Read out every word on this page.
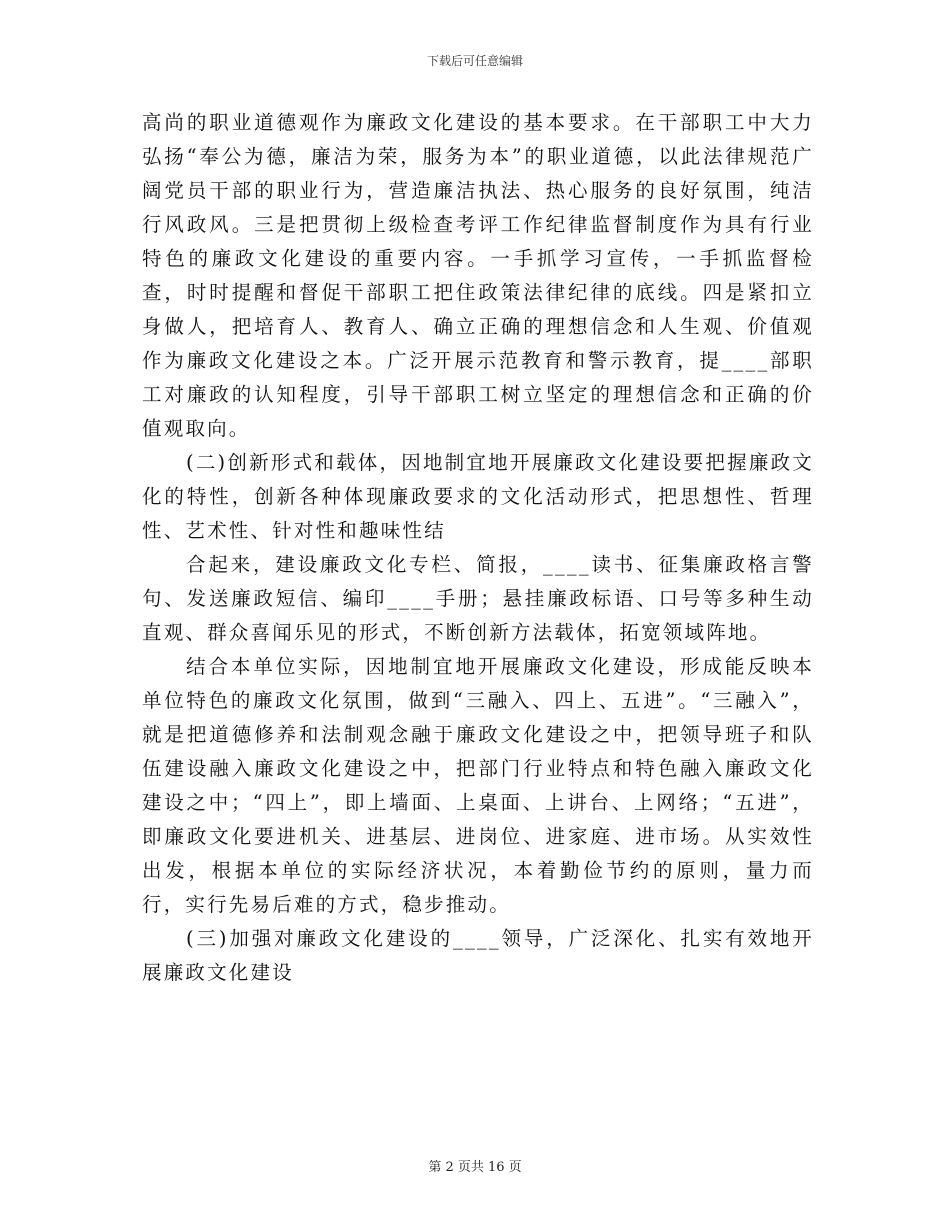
下载后可任意编辑

高尚的职业道德观作为廉政文化建设的基本要求。在干部职工中大力弘扬“奉公为德，廉洁为荣，服务为本”的职业道德，以此法律规范广阔党员干部的职业行为，营造廉洁执法、热心服务的良好氛围，纯洁行风政风。三是把贯彻上级检查考评工作纪律监督制度作为具有行业特色的廉政文化建设的重要内容。一手抓学习宣传，一手抓监督检查，时时提醒和督促干部职工把住政策法律纪律的底线。四是紧扣立身做人，把培育人、教育人、确立正确的理想信念和人生观、价值观作为廉政文化建设之本。广泛开展示范教育和警示教育，提____部职工对廉政的认知程度，引导干部职工树立坚定的理想信念和正确的价值观取向。

(二)创新形式和载体，因地制宜地开展廉政文化建设要把握廉政文化的特性，创新各种体现廉政要求的文化活动形式，把思想性、哲理性、艺术性、针对性和趣味性结

合起来，建设廉政文化专栏、简报，____读书、征集廉政格言警句、发送廉政短信、编印____手册；悬挂廉政标语、口号等多种生动直观、群众喜闻乐见的形式，不断创新方法载体，拓宽领域阵地。

结合本单位实际，因地制宜地开展廉政文化建设，形成能反映本单位特色的廉政文化氛围，做到“三融入、四上、五进”。“三融入”，就是把道德修养和法制观念融于廉政文化建设之中，把领导班子和队伍建设融入廉政文化建设之中，把部门行业特点和特色融入廉政文化建设之中；“四上”，即上墙面、上桌面、上讲台、上网络；“五进”，即廉政文化要进机关、进基层、进岗位、进家庭、进市场。从实效性出发，根据本单位的实际经济状况，本着勤俭节约的原则，量力而行，实行先易后难的方式，稳步推动。

(三)加强对廉政文化建设的____领导，广泛深化、扎实有效地开展廉政文化建设

第 2 页共 16 页
